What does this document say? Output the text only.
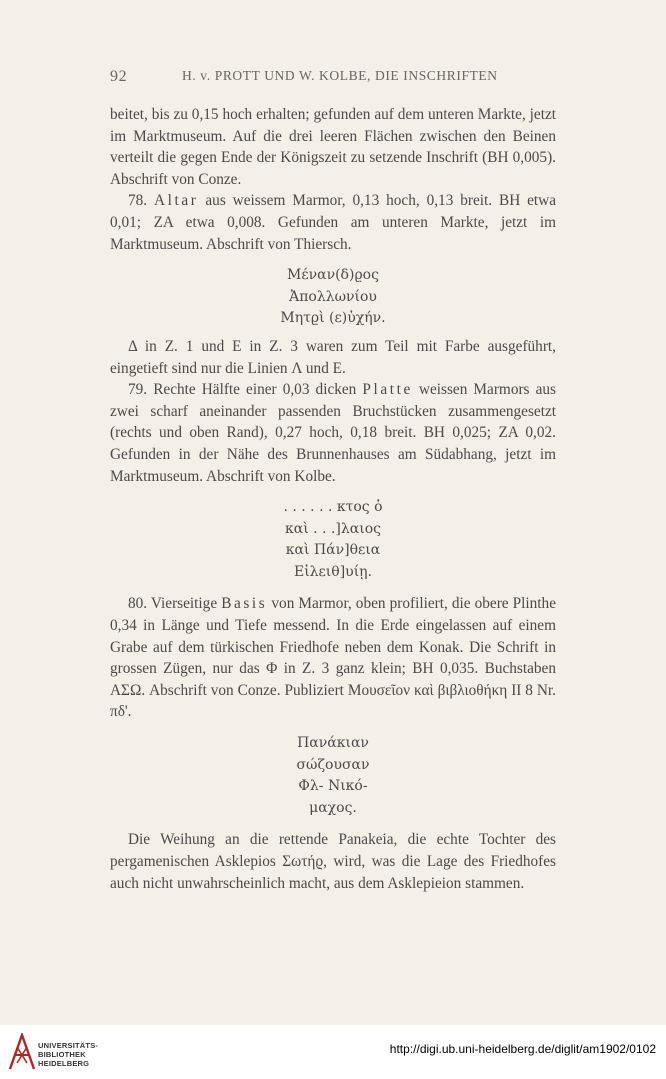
92	H. v. PROTT UND W. KOLBE, DIE INSCHRIFTEN

beitet, bis zu 0,15 hoch erhalten; gefunden auf dem unteren Markte, jetzt im Marktmuseum. Auf die drei leeren Flächen zwischen den Beinen verteilt die gegen Ende der Königszeit zu setzende Inschrift (BH 0,005). Abschrift von Conze.

78. Altar aus weissem Marmor, 0,13 hoch, 0,13 breit. BH etwa 0,01; ZA etwa 0,008. Gefunden am unteren Markte, jetzt im Marktmuseum. Abschrift von Thiersch.

Μέναν(δ)ϱος
Ἀπολλωνίου
Μητϱὶ (ε)ὐχήν.

Δ in Z. 1 und Ε in Z. 3 waren zum Teil mit Farbe ausgeführt, eingetieft sind nur die Linien Λ und Ε.

79. Rechte Hälfte einer 0,03 dicken Platte weissen Marmors aus zwei scharf aneinander passenden Bruchstücken zusammengesetzt (rechts und oben Rand), 0,27 hoch, 0,18 breit. BH 0,025; ZA 0,02. Gefunden in der Nähe des Brunnenhauses am Südabhang, jetzt im Marktmuseum. Abschrift von Kolbe.

. . . . . . κτος ὁ
καὶ . . .]λαιος
καὶ Πάν]θεια
Εἰλειθ]υίῃ.

80. Vierseitige Basis von Marmor, oben profiliert, die obere Plinthe 0,34 in Länge und Tiefe messend. In die Erde eingelassen auf einem Grabe auf dem türkischen Friedhofe neben dem Konak. Die Schrift in grossen Zügen, nur das Φ in Z. 3 ganz klein; BH 0,035. Buchstaben ΑΣΩ. Abschrift von Conze. Publiziert Μουσεῖον καὶ βιβλιοθήκη II 8 Nr. πδ'.

Πανάκιαν
σώζουσαν
Φλ- Νικό-
μαχος.

Die Weihung an die rettende Panakeia, die echte Tochter des pergamenischen Asklepios Σωτήϱ, wird, was die Lage des Friedhofes auch nicht unwahrscheinlich macht, aus dem Asklepieion stammen.

UNIVERSITÄTS-
BIBLIOTHEK
HEIDELBERG
http://digi.ub.uni-heidelberg.de/diglit/am1902/0102
